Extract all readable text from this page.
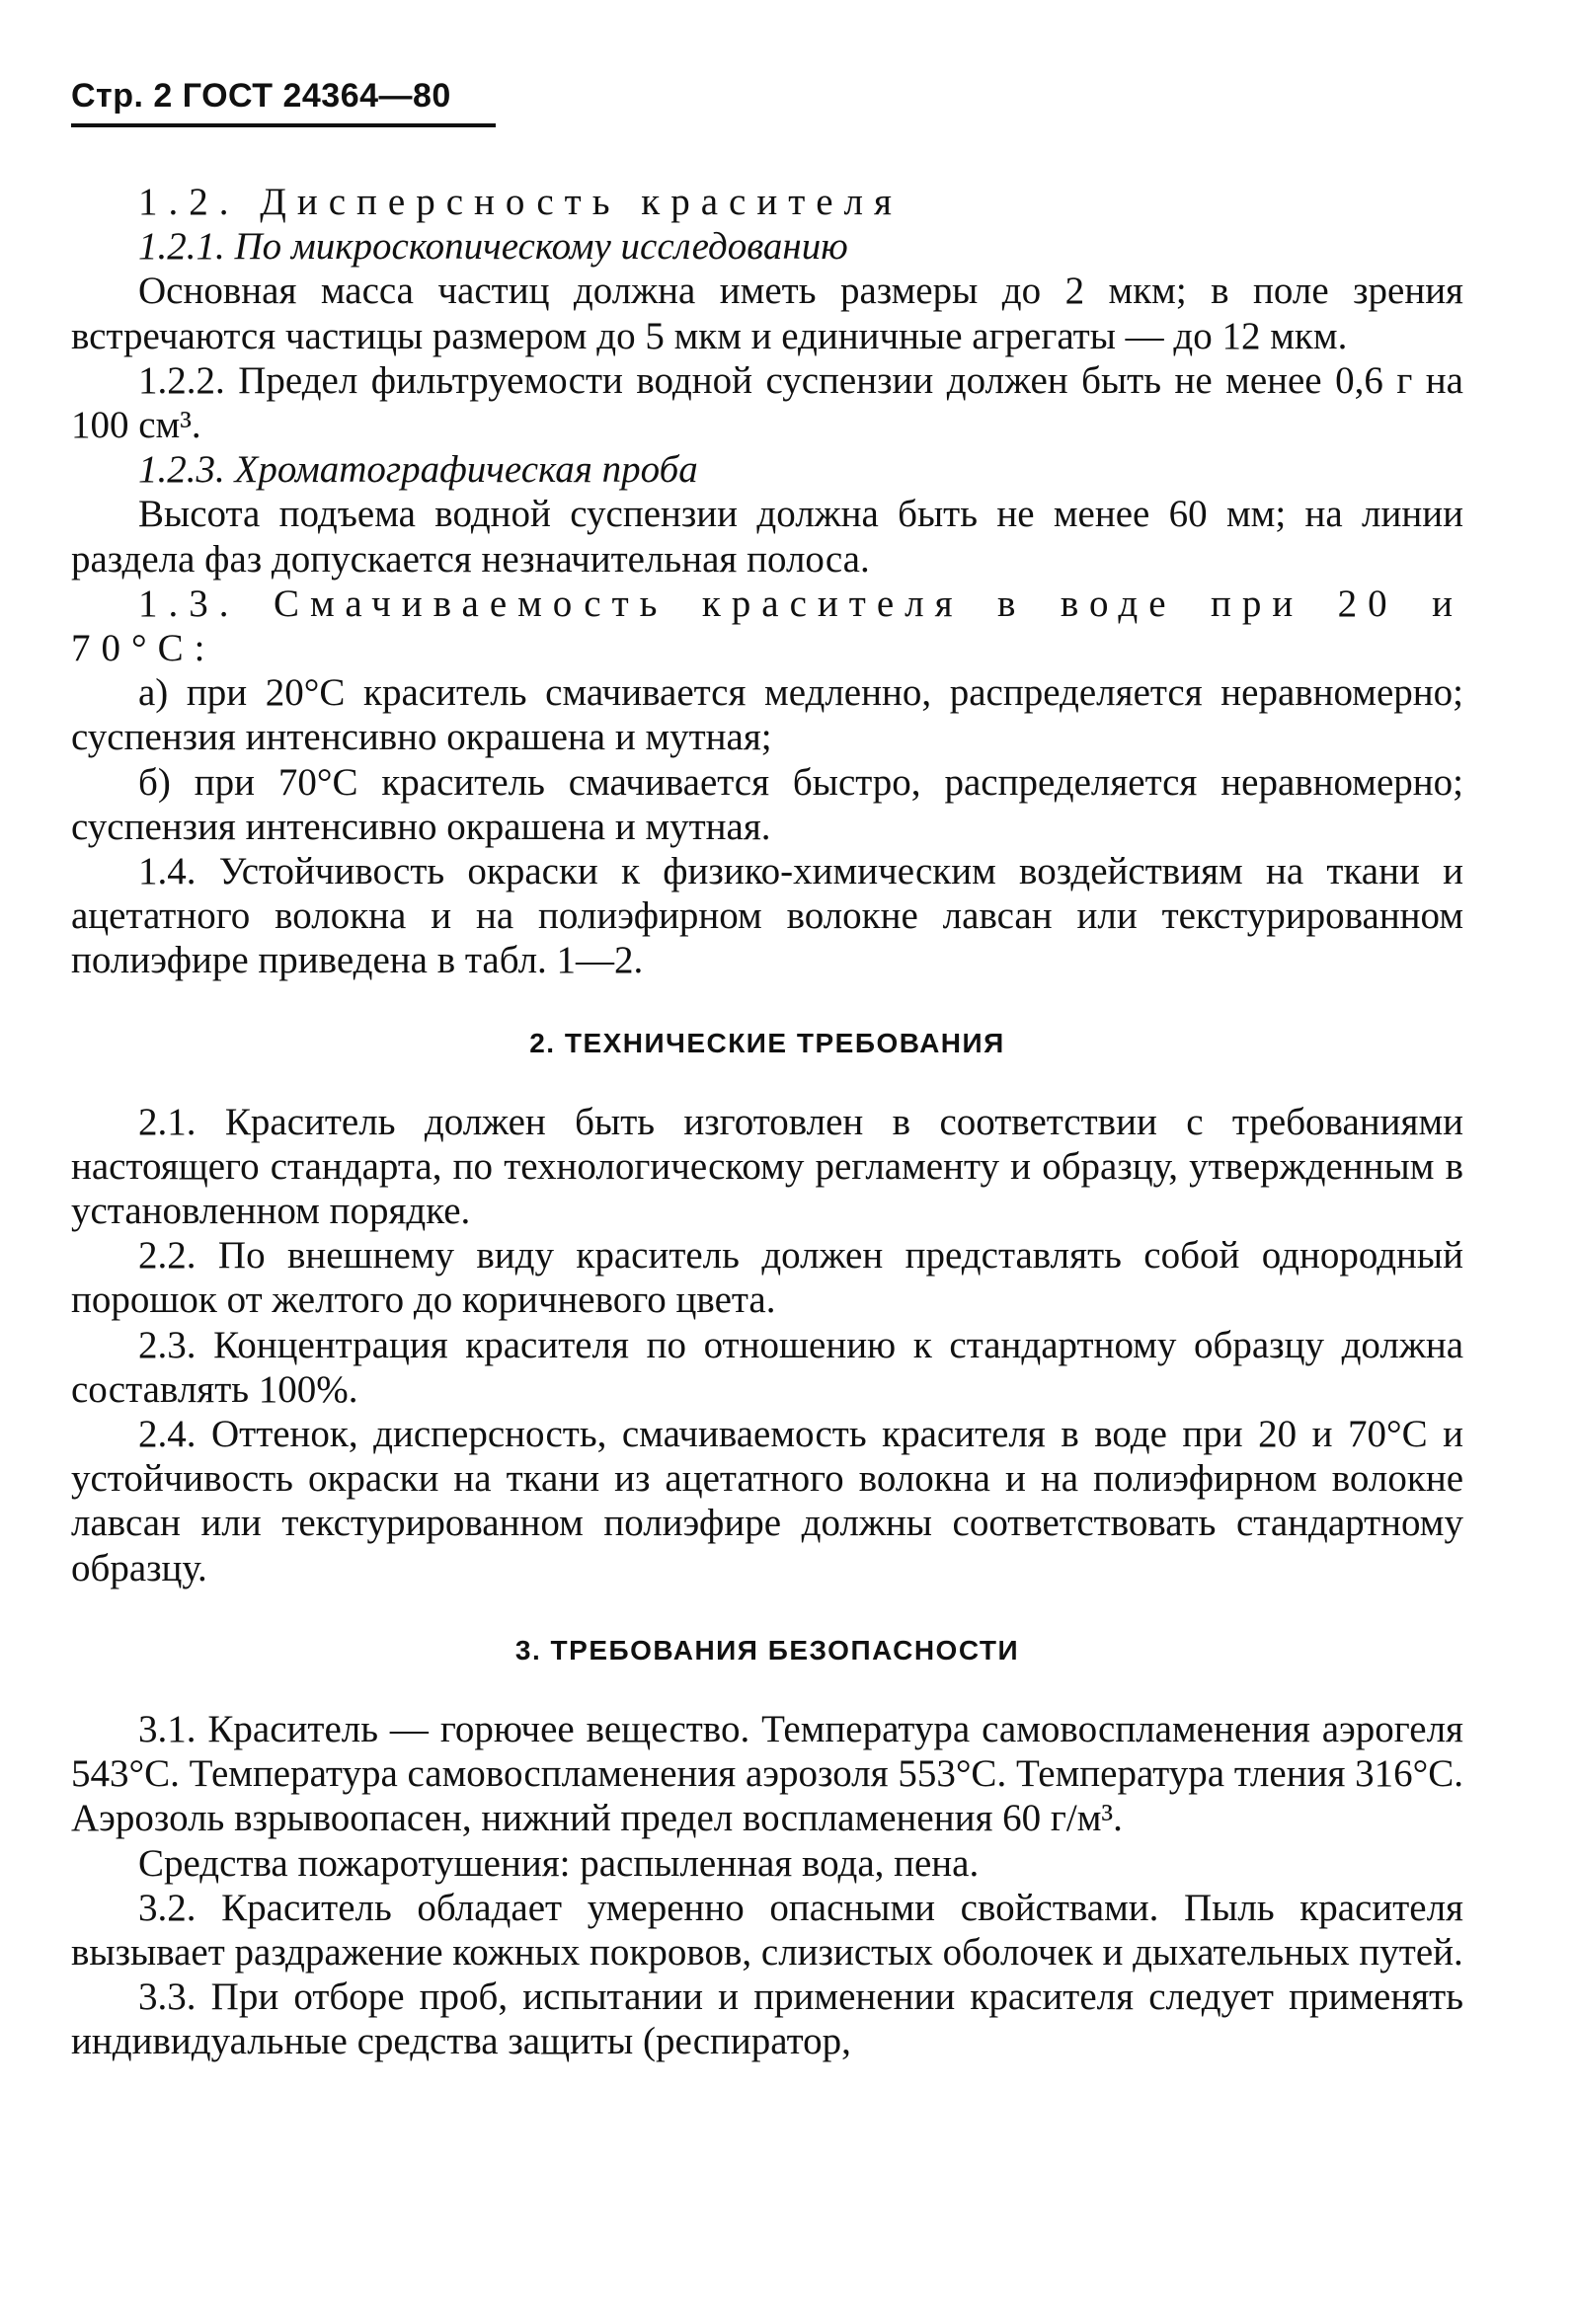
Стр. 2 ГОСТ 24364—80

1.2. Дисперсность красителя

1.2.1. По микроскопическому исследованию

Основная масса частиц должна иметь размеры до 2 мкм; в поле зрения встречаются частицы размером до 5 мкм и единичные агрегаты — до 12 мкм.

1.2.2. Предел фильтруемости водной суспензии должен быть не менее 0,6 г на 100 см³.

1.2.3. Хроматографическая проба

Высота подъема водной суспензии должна быть не менее 60 мм; на линии раздела фаз допускается незначительная полоса.

1.3. Смачиваемость красителя в воде при 20 и 70°C:

а) при 20°C краситель смачивается медленно, распределяется неравномерно; суспензия интенсивно окрашена и мутная;

б) при 70°C краситель смачивается быстро, распределяется неравномерно; суспензия интенсивно окрашена и мутная.

1.4. Устойчивость окраски к физико-химическим воздействиям на ткани и ацетатного волокна и на полиэфирном волокне лавсан или текстурированном полиэфире приведена в табл. 1—2.

2. ТЕХНИЧЕСКИЕ ТРЕБОВАНИЯ

2.1. Краситель должен быть изготовлен в соответствии с требованиями настоящего стандарта, по технологическому регламенту и образцу, утвержденным в установленном порядке.

2.2. По внешнему виду краситель должен представлять собой однородный порошок от желтого до коричневого цвета.

2.3. Концентрация красителя по отношению к стандартному образцу должна составлять 100%.

2.4. Оттенок, дисперсность, смачиваемость красителя в воде при 20 и 70°C и устойчивость окраски на ткани из ацетатного волокна и на полиэфирном волокне лавсан или текстурированном полиэфире должны соответствовать стандартному образцу.

3. ТРЕБОВАНИЯ БЕЗОПАСНОСТИ

3.1. Краситель — горючее вещество. Температура самовоспламенения аэрогеля 543°C. Температура самовоспламенения аэрозоля 553°C. Температура тления 316°C. Аэрозоль взрывоопасен, нижний предел воспламенения 60 г/м³.

Средства пожаротушения: распыленная вода, пена.

3.2. Краситель обладает умеренно опасными свойствами. Пыль красителя вызывает раздражение кожных покровов, слизистых оболочек и дыхательных путей.

3.3. При отборе проб, испытании и применении красителя следует применять индивидуальные средства защиты (респиратор,
